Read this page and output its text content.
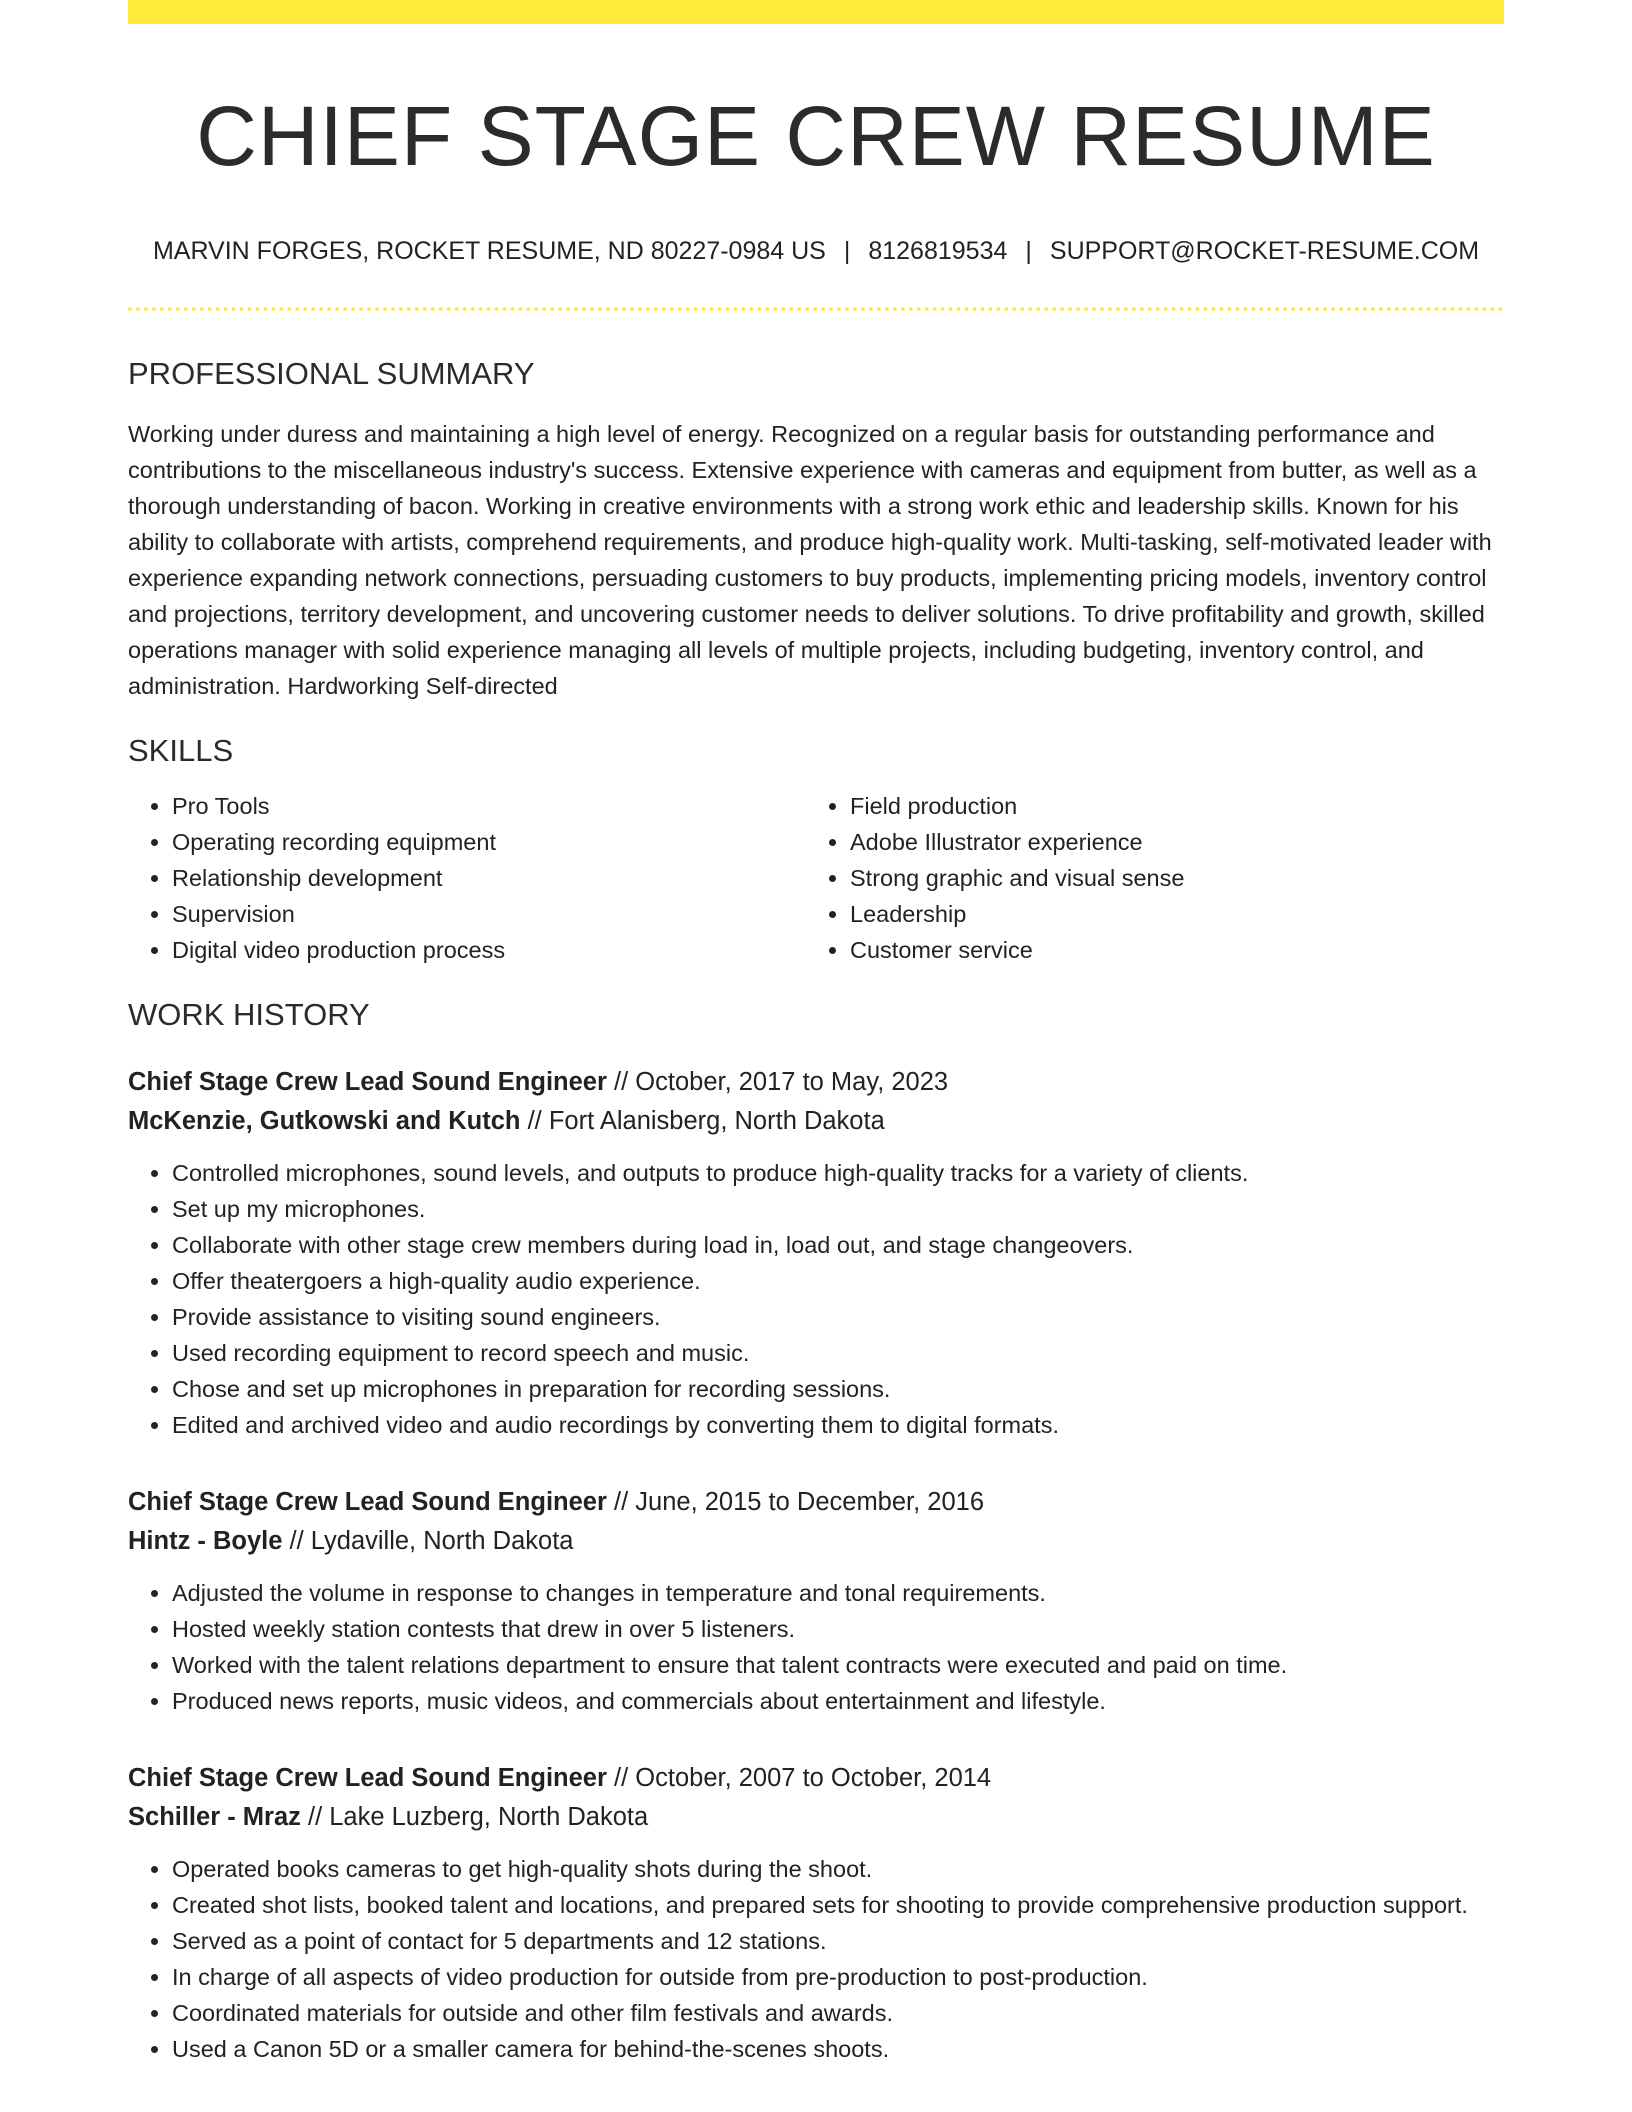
CHIEF STAGE CREW RESUME
MARVIN FORGES, ROCKET RESUME, ND 80227-0984 US | 8126819534 | SUPPORT@ROCKET-RESUME.COM
PROFESSIONAL SUMMARY

Working under duress and maintaining a high level of energy. Recognized on a regular basis for outstanding performance and contributions to the miscellaneous industry's success. Extensive experience with cameras and equipment from butter, as well as a thorough understanding of bacon. Working in creative environments with a strong work ethic and leadership skills. Known for his ability to collaborate with artists, comprehend requirements, and produce high-quality work. Multi-tasking, self-motivated leader with experience expanding network connections, persuading customers to buy products, implementing pricing models, inventory control and projections, territory development, and uncovering customer needs to deliver solutions. To drive profitability and growth, skilled operations manager with solid experience managing all levels of multiple projects, including budgeting, inventory control, and administration. Hardworking Self-directed

SKILLS
• Pro Tools
• Operating recording equipment
• Relationship development
• Supervision
• Digital video production process
• Field production
• Adobe Illustrator experience
• Strong graphic and visual sense
• Leadership
• Customer service
WORK HISTORY
Chief Stage Crew Lead Sound Engineer // October, 2017 to May, 2023
McKenzie, Gutkowski and Kutch // Fort Alanisberg, North Dakota
• Controlled microphones, sound levels, and outputs to produce high-quality tracks for a variety of clients.
• Set up my microphones.
• Collaborate with other stage crew members during load in, load out, and stage changeovers.
• Offer theatergoers a high-quality audio experience.
• Provide assistance to visiting sound engineers.
• Used recording equipment to record speech and music.
• Chose and set up microphones in preparation for recording sessions.
• Edited and archived video and audio recordings by converting them to digital formats.
Chief Stage Crew Lead Sound Engineer // June, 2015 to December, 2016
Hintz - Boyle // Lydaville, North Dakota
• Adjusted the volume in response to changes in temperature and tonal requirements.
• Hosted weekly station contests that drew in over 5 listeners.
• Worked with the talent relations department to ensure that talent contracts were executed and paid on time.
• Produced news reports, music videos, and commercials about entertainment and lifestyle.
Chief Stage Crew Lead Sound Engineer // October, 2007 to October, 2014
Schiller - Mraz // Lake Luzberg, North Dakota
• Operated books cameras to get high-quality shots during the shoot.
• Created shot lists, booked talent and locations, and prepared sets for shooting to provide comprehensive production support.
• Served as a point of contact for 5 departments and 12 stations.
• In charge of all aspects of video production for outside from pre-production to post-production.
• Coordinated materials for outside and other film festivals and awards.
• Used a Canon 5D or a smaller camera for behind-the-scenes shoots.
